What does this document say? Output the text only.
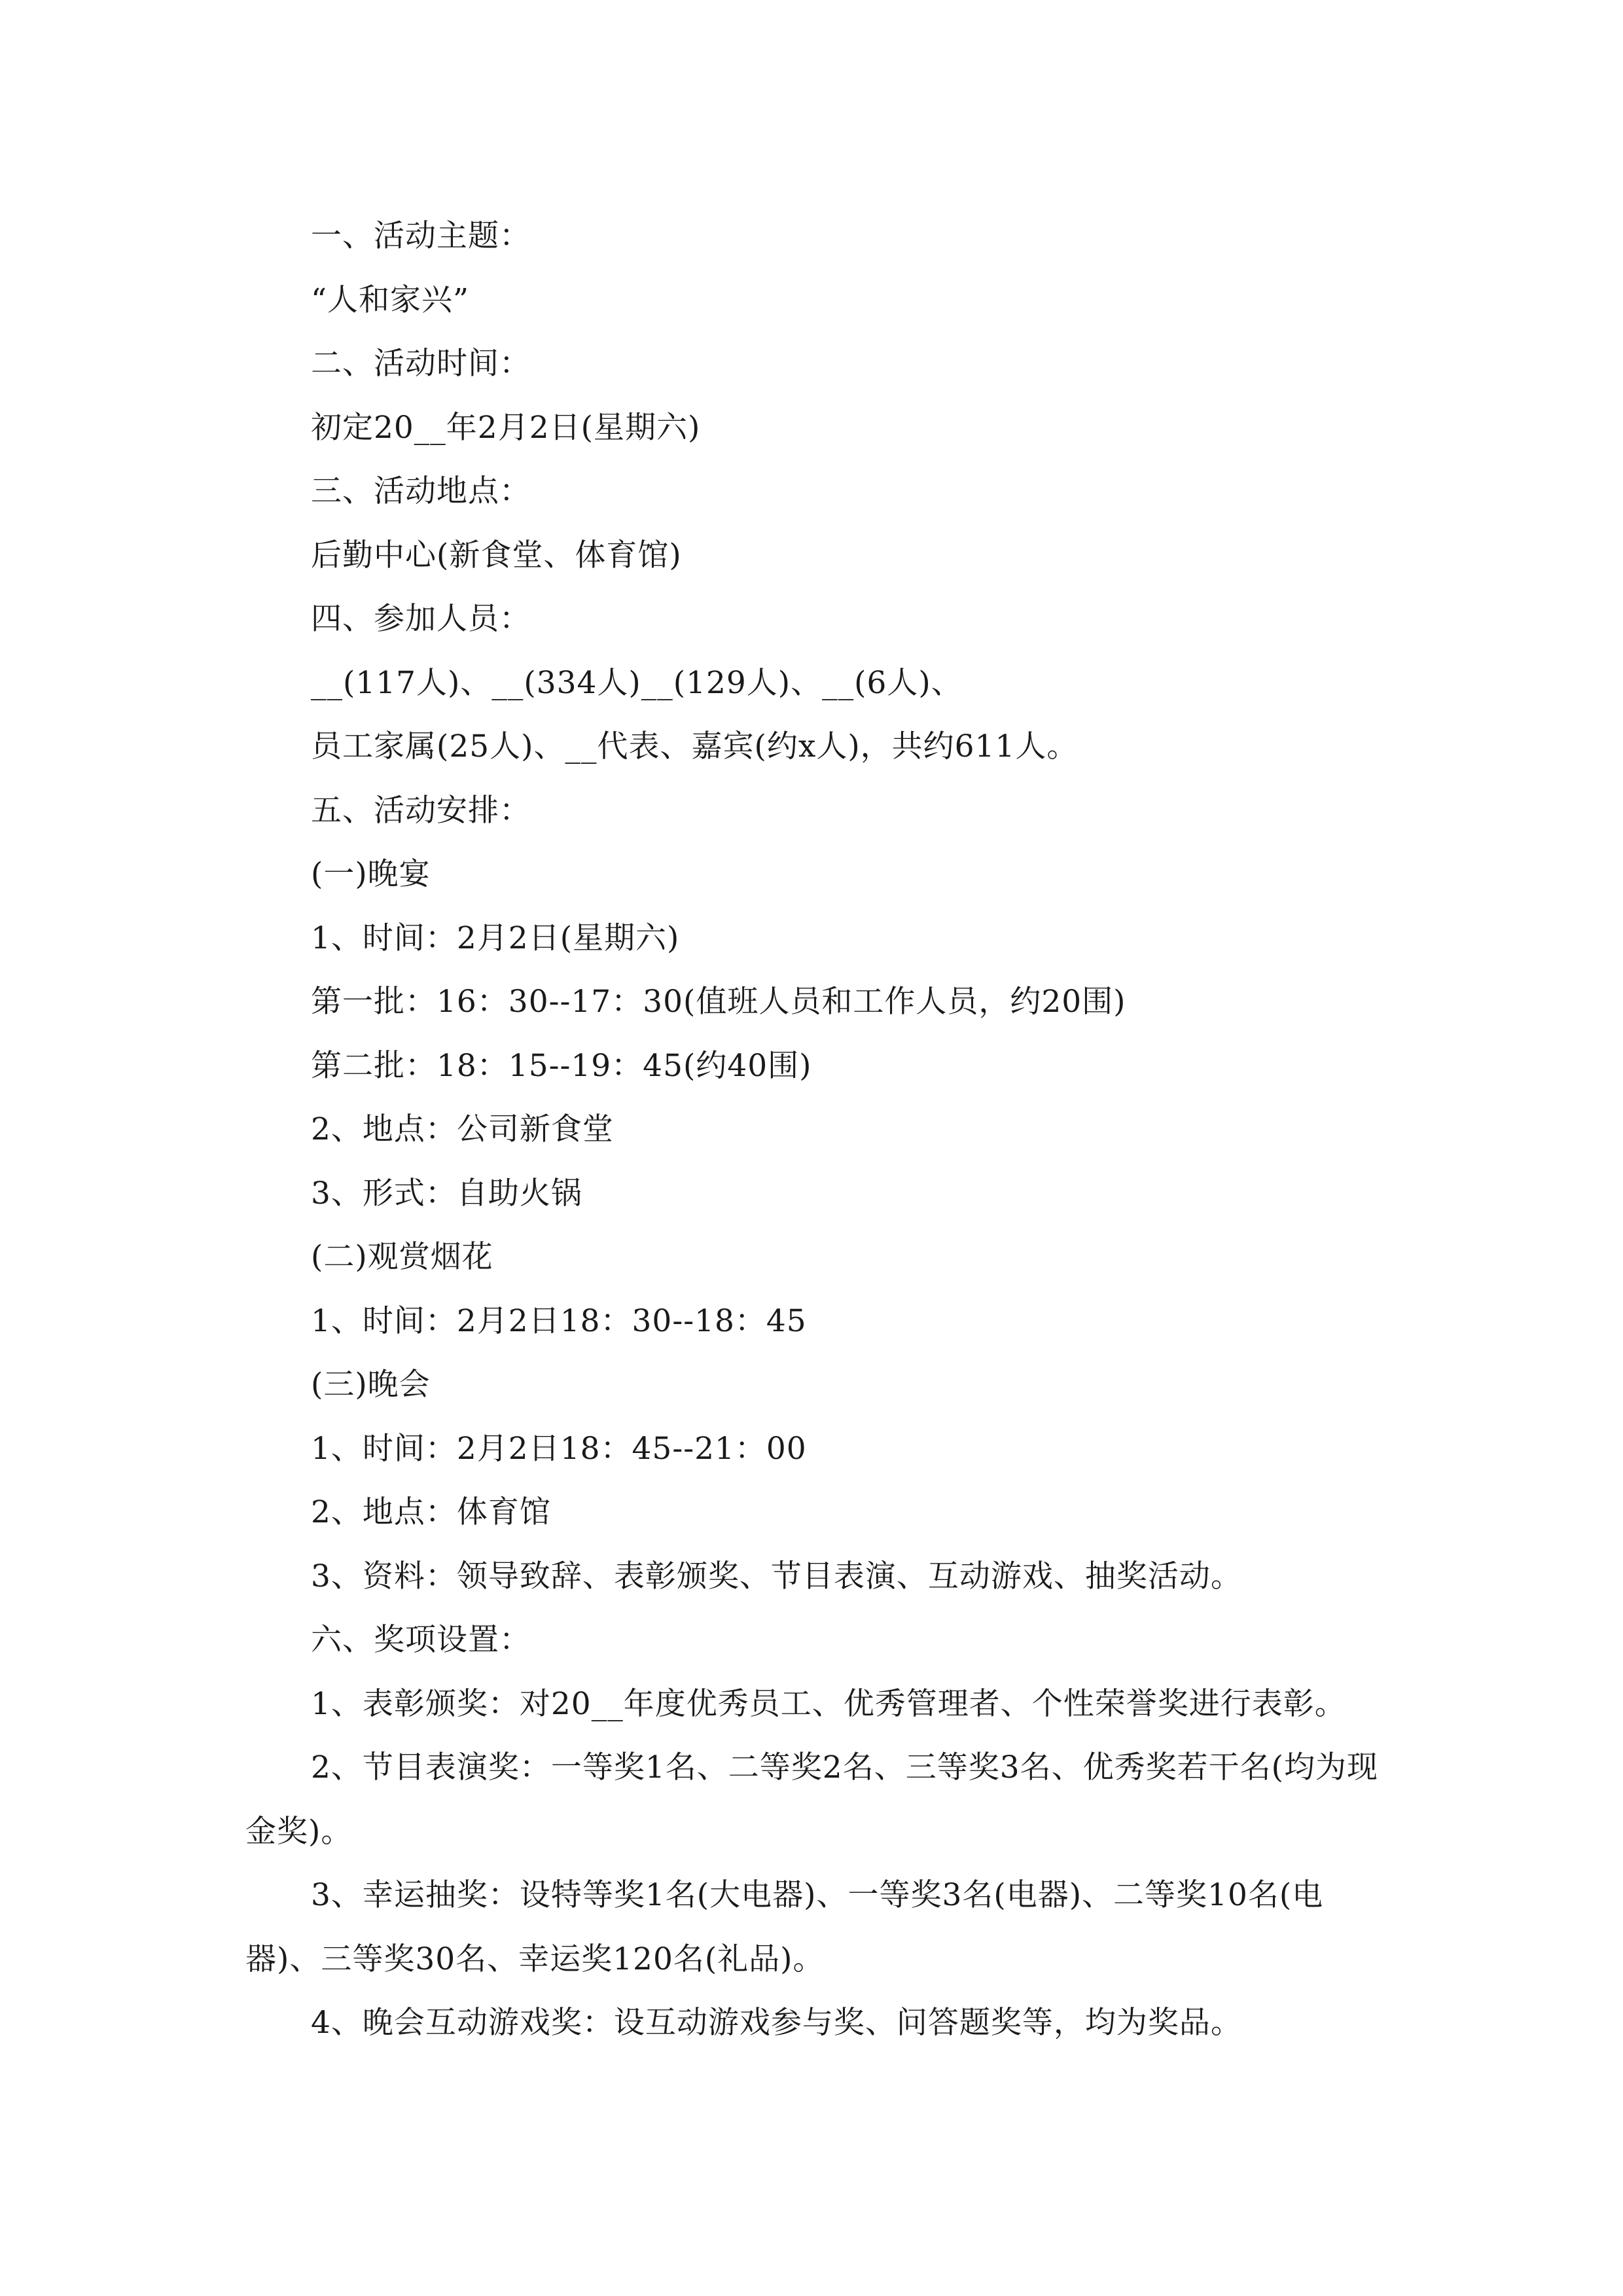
一、活动主题：
“人和家兴”
二、活动时间：
初定20__年2月2日(星期六)
三、活动地点：
后勤中心(新食堂、体育馆)
四、参加人员：
__(117人)、__(334人)__(129人)、__(6人)、
员工家属(25人)、__代表、嘉宾(约x人)，共约611人。
五、活动安排：
(一)晚宴
1、时间：2月2日(星期六)
第一批：16：30--17：30(值班人员和工作人员，约20围)
第二批：18：15--19：45(约40围)
2、地点：公司新食堂
3、形式：自助火锅
(二)观赏烟花
1、时间：2月2日18：30--18：45
(三)晚会
1、时间：2月2日18：45--21：00
2、地点：体育馆
3、资料：领导致辞、表彰颁奖、节目表演、互动游戏、抽奖活动。
六、奖项设置：
1、表彰颁奖：对20__年度优秀员工、优秀管理者、个性荣誉奖进行表彰。
2、节目表演奖：一等奖1名、二等奖2名、三等奖3名、优秀奖若干名(均为现金奖)。
3、幸运抽奖：设特等奖1名(大电器)、一等奖3名(电器)、二等奖10名(电器)、三等奖30名、幸运奖120名(礼品)。
4、晚会互动游戏奖：设互动游戏参与奖、问答题奖等，均为奖品。
